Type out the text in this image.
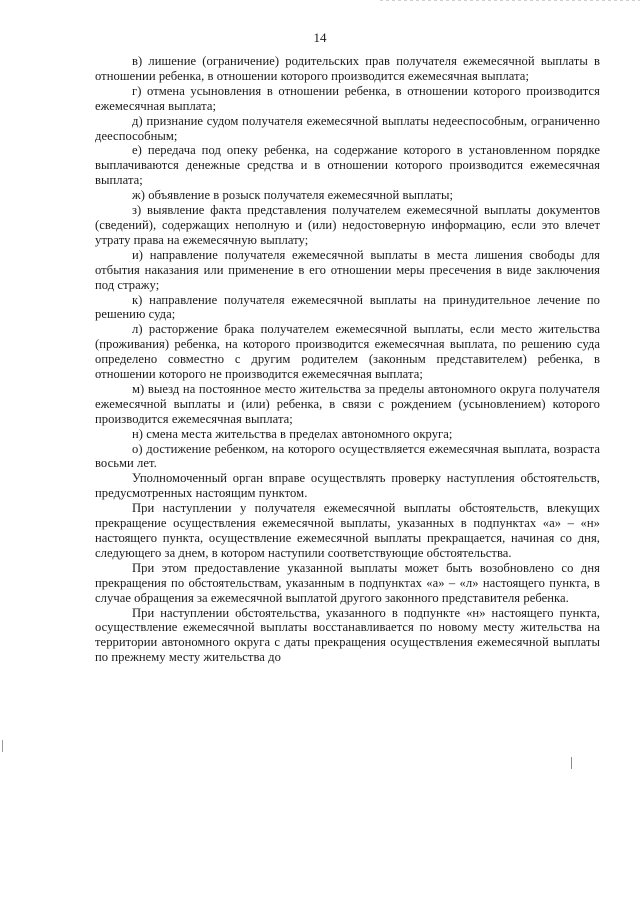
14

в) лишение (ограничение) родительских прав получателя ежемесячной выплаты в отношении ребенка, в отношении которого производится ежемесячная выплата;

г) отмена усыновления в отношении ребенка, в отношении которого производится ежемесячная выплата;

д) признание судом получателя ежемесячной выплаты недееспособным, ограниченно дееспособным;

е) передача под опеку ребенка, на содержание которого в установленном порядке выплачиваются денежные средства и в отношении которого производится ежемесячная выплата;

ж) объявление в розыск получателя ежемесячной выплаты;

з) выявление факта представления получателем ежемесячной выплаты документов (сведений), содержащих неполную и (или) недостоверную информацию, если это влечет утрату права на ежемесячную выплату;

и) направление получателя ежемесячной выплаты в места лишения свободы для отбытия наказания или применение в его отношении меры пресечения в виде заключения под стражу;

к) направление получателя ежемесячной выплаты на принудительное лечение по решению суда;

л) расторжение брака получателем ежемесячной выплаты, если место жительства (проживания) ребенка, на которого производится ежемесячная выплата, по решению суда определено совместно с другим родителем (законным представителем) ребенка, в отношении которого не производится ежемесячная выплата;

м) выезд на постоянное место жительства за пределы автономного округа получателя ежемесячной выплаты и (или) ребенка, в связи с рождением (усыновлением) которого производится ежемесячная выплата;

н) смена места жительства в пределах автономного округа;

о) достижение ребенком, на которого осуществляется ежемесячная выплата, возраста восьми лет.

Уполномоченный орган вправе осуществлять проверку наступления обстоятельств, предусмотренных настоящим пунктом.

При наступлении у получателя ежемесячной выплаты обстоятельств, влекущих прекращение осуществления ежемесячной выплаты, указанных в подпунктах «а» – «н» настоящего пункта, осуществление ежемесячной выплаты прекращается, начиная со дня, следующего за днем, в котором наступили соответствующие обстоятельства.

При этом предоставление указанной выплаты может быть возобновлено со дня прекращения по обстоятельствам, указанным в подпунктах «а» – «л» настоящего пункта, в случае обращения за ежемесячной выплатой другого законного представителя ребенка.

При наступлении обстоятельства, указанного в подпункте «н» настоящего пункта, осуществление ежемесячной выплаты восстанавливается по новому месту жительства на территории автономного округа с даты прекращения осуществления ежемесячной выплаты по прежнему месту жительства до
